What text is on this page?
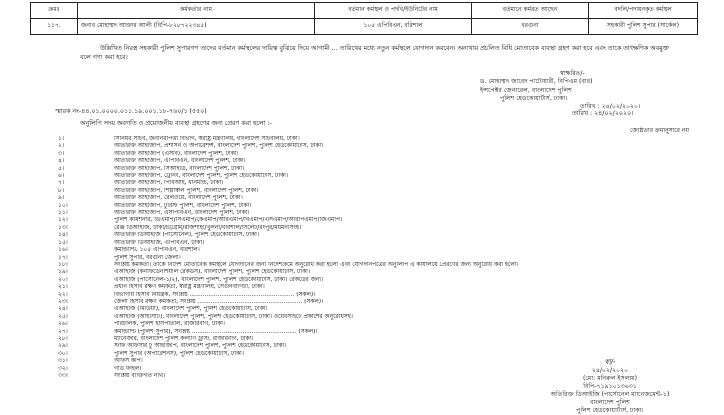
ক্রমঃ	কর্মকর্তার নাম	বর্তমান কর্মস্থল ও পদবি/ইউনিটের নাম	বর্তমানে কর্মরত আছেন	বদলি/পদায়নকৃত কর্মস্থল
১১৭.	জনাব মোহাম্মদ আক্তার আলী (বিপি-৮২৮৭২২৩৪৫)	১০৫ এপিবিএন, বরিশাল	বরগুনা	সহকারী পুলিশ সুপার (সার্কেল)
উল্লিখিত নিরস্ত্র সহকারী পুলিশ সুপারগণ তাদের বর্তমান কর্মস্থলের দায়িত্ব বুঝিয়ে দিয়ে আগামী ... তারিখের মধ্যে নতুন কর্মস্থলে যোগদান করবেন। অন্যথায় প্রচলিত বিধি মোতাবেক ব্যবস্থা গ্রহণ করা হবে এবং তাকে তাৎক্ষণিক অবমুক্ত বলে গণ্য করা হবে।
স্বাক্ষরিত/-
ড. মোহাম্মদ জাবেদ পাটোয়ারী, বিপিএম (বার)
ইন্সপেক্টর জেনারেল, বাংলাদেশ পুলিশ
পুলিশ হেডকোয়ার্টার্স, ঢাকা।
তারিখ : ২৪/০২/২০২০।
স্মারক নং-৪৪.০১.০০০০.০১১.১৯.০০১.১৮-৭৬০/১ (৫৫০)	তারিখ : ২৪/০২/২০২০।
অনুলিপি সদয় অবগতি ও প্রয়োজনীয় ব্যবস্থা গ্রহণের জন্য প্রেরণ করা হলো :-
জ্যেষ্ঠতার ক্রমানুসারে নয়
১।	সিনিয়র সচিব, জননিরাপত্তা বিভাগ, স্বরাষ্ট্র মন্ত্রণালয়, বাংলাদেশ সচিবালয়, ঢাকা।
২।	অতিরিক্ত আইজিপি, প্রশাসন ও অপারেশন্স, বাংলাদেশ পুলিশ, পুলিশ হেডকোয়ার্টার্স, ঢাকা।
৩।	অতিরিক্ত আইজিপি (এসবি), বাংলাদেশ পুলিশ, ঢাকা।
৪।	অতিরিক্ত আইজিপি, এপিবিএন, বাংলাদেশ পুলিশ, ঢাকা।
৫।	অতিরিক্ত আইজিপি, সিআইডি, বাংলাদেশ পুলিশ, ঢাকা।
৬।	অতিরিক্ত আইজিপি, ট্রেনিং, বাংলাদেশ পুলিশ, পুলিশ হেডকোয়ার্টার্স, ঢাকা।
৭।	অতিরিক্ত আইজিপি, পিবিআই, ধানমন্ডি, ঢাকা।
৮।	অতিরিক্ত আইজিপি, শিল্পাঞ্চল পুলিশ, বাংলাদেশ পুলিশ, ঢাকা।
৯।	অতিরিক্ত আইজিপি, রেলওয়ে, বাংলাদেশ পুলিশ, ঢাকা।
১০।	অতিরিক্ত আইজিপি, টুরিস্ট পুলিশ, বাংলাদেশ পুলিশ, ঢাকা।
১১।	অতিরিক্ত আইজিপি, এসপিবিএন, বাংলাদেশ পুলিশ, ঢাকা।
১২।	পুলিশ কমিশনার, ডিএমপি/সিএমপি/কেএমপি/আরএমপি/বিএমপি/এসএমপি/আরপিএমপি/জিএমপি।
১৩।	রেঞ্জ ডিআইজি, ঢাকা/চট্টগ্রাম/রাজশাহী/খুলনা/বরিশাল/সিলেট/রংপুর/ময়মনসিংহ।
১৪।	অতিরিক্ত ডিআইজি (পার্সোনেল), পুলিশ হেডকোয়ার্টার্স, ঢাকা।
১৫।	অতিরিক্ত ডিআইজি, এপিবিএন, ঢাকা।
১৬।	কমান্ড্যান্ট, ১০৫ এপিবিএন, বরিশাল।
১৭।	পুলিশ সুপার, বরগুনা জেলা।
১৮।	সংশ্লিষ্ট কর্মকর্তা। তাকে নির্দেশ মোতাবেক কর্মস্থলে যোগদানের জন্য নির্দেশক্রমে অনুরোধ করা হলো এবং যোগদানপত্রের অনুলিপি এ কার্যালয়ে প্রেরণের জন্য অনুরোধ করা হলো।
১৯।	এআইজি (কনফিডেনশিয়াল রেকর্ডস), বাংলাদেশ পুলিশ, পুলিশ হেডকোয়ার্টার্স, ঢাকা।
২০।	এআইজি (পার্সোনেল-১/২), বাংলাদেশ পুলিশ, পুলিশ হেডকোয়ার্টার্স, ঢাকা। রেকর্ডের জন্য।
২১।	প্রধান হিসাব রক্ষণ কর্মকর্তা, স্বরাষ্ট্র মন্ত্রণালয়, সেগুনবাগিচা, ঢাকা।
২২।	বিভাগীয় হিসাব নিয়ন্ত্রক, সংশ্লিষ্ট ........................................................ (সকল)।
২৩।	জেলা হিসাব রক্ষণ কর্মকর্তা, সংশ্লিষ্ট ........................................................ (সকল)।
২৪।	এআইজি (মিডিয়া), বাংলাদেশ পুলিশ, পুলিশ হেডকোয়ার্টার্স, ঢাকা।
২৫।	এআইজি (আইসিটি), বাংলাদেশ পুলিশ, পুলিশ হেডকোয়ার্টার্স, ঢাকা। ওয়েবসাইটে প্রকাশের অনুরোধসহ।
২৬।	পরিচালক, পুলিশ হাসপাতাল, রাজারবাগ, ঢাকা।
২৭।	কমান্ড্যান্ট (পুলিশ সুপার), সংশ্লিষ্ট ........................................................ (সকল)।
২৮।	ম্যানেজার, বাংলাদেশ পুলিশ কল্যাণ ট্রাস্ট, রাজারবাগ, ঢাকা।
২৯।	স্টাফ অফিসার টু আইজিপি, বাংলাদেশ পুলিশ, পুলিশ হেডকোয়ার্টার্স, ঢাকা।
৩০।	পুলিশ সুপার (অপারেশনস), পুলিশ হেডকোয়ার্টার্স, ঢাকা।
৩১।	অফিস কপি।
৩২।	গার্ড ফাইল।
৩৩।	সংশ্লিষ্ট ব্যক্তিগত নথি।
স্বা/-
২৪/০২/২০২০
(মো: মনিরুল ইসলাম)
বিপি-৭১৯১০১৩৬৩১
অতিরিক্ত ডিআইজি (পার্সোনেল ম্যানেজমেন্ট-১)
বাংলাদেশ পুলিশ
পুলিশ হেডকোয়ার্টার্স, ঢাকা।
